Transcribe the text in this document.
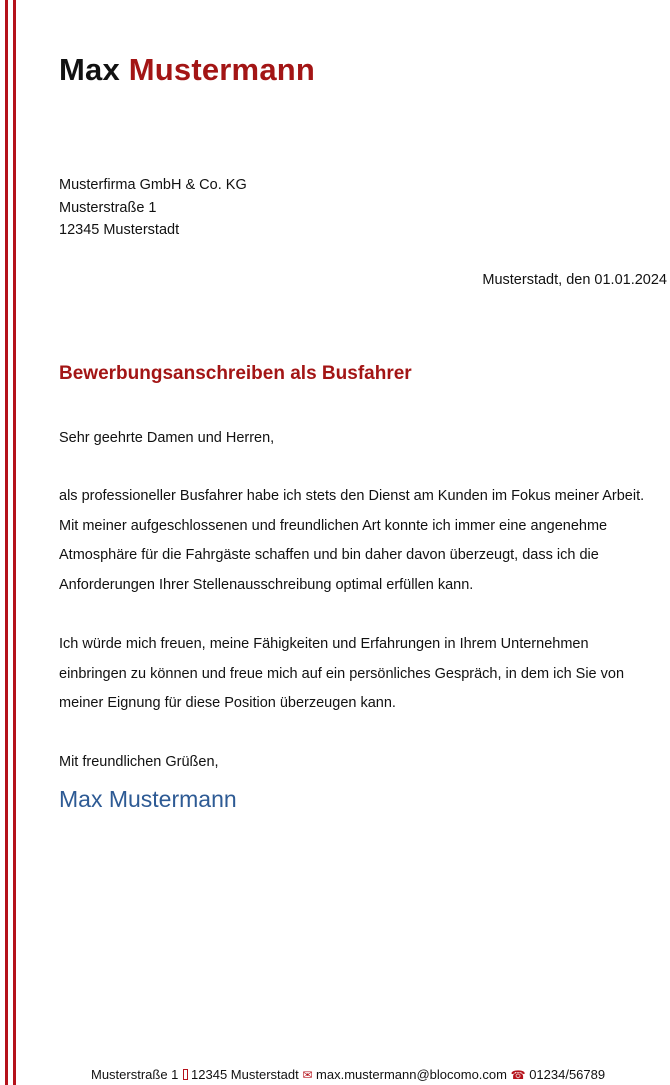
Max Mustermann
Musterfirma GmbH & Co. KG
Musterstraße 1
12345 Musterstadt
Musterstadt, den 01.01.2024
Bewerbungsanschreiben als Busfahrer
Sehr geehrte Damen und Herren,
als professioneller Busfahrer habe ich stets den Dienst am Kunden im Fokus meiner Arbeit.
Mit meiner aufgeschlossenen und freundlichen Art konnte ich immer eine angenehme
Atmosphäre für die Fahrgäste schaffen und bin daher davon überzeugt, dass ich die
Anforderungen Ihrer Stellenausschreibung optimal erfüllen kann.
Ich würde mich freuen, meine Fähigkeiten und Erfahrungen in Ihrem Unternehmen
einbringen zu können und freue mich auf ein persönliches Gespräch, in dem ich Sie von
meiner Eignung für diese Position überzeugen kann.
Mit freundlichen Grüßen,
Max Mustermann
Musterstraße 1 12345 Musterstadt ✉ max.mustermann@blocomo.com ☎ 01234/56789
